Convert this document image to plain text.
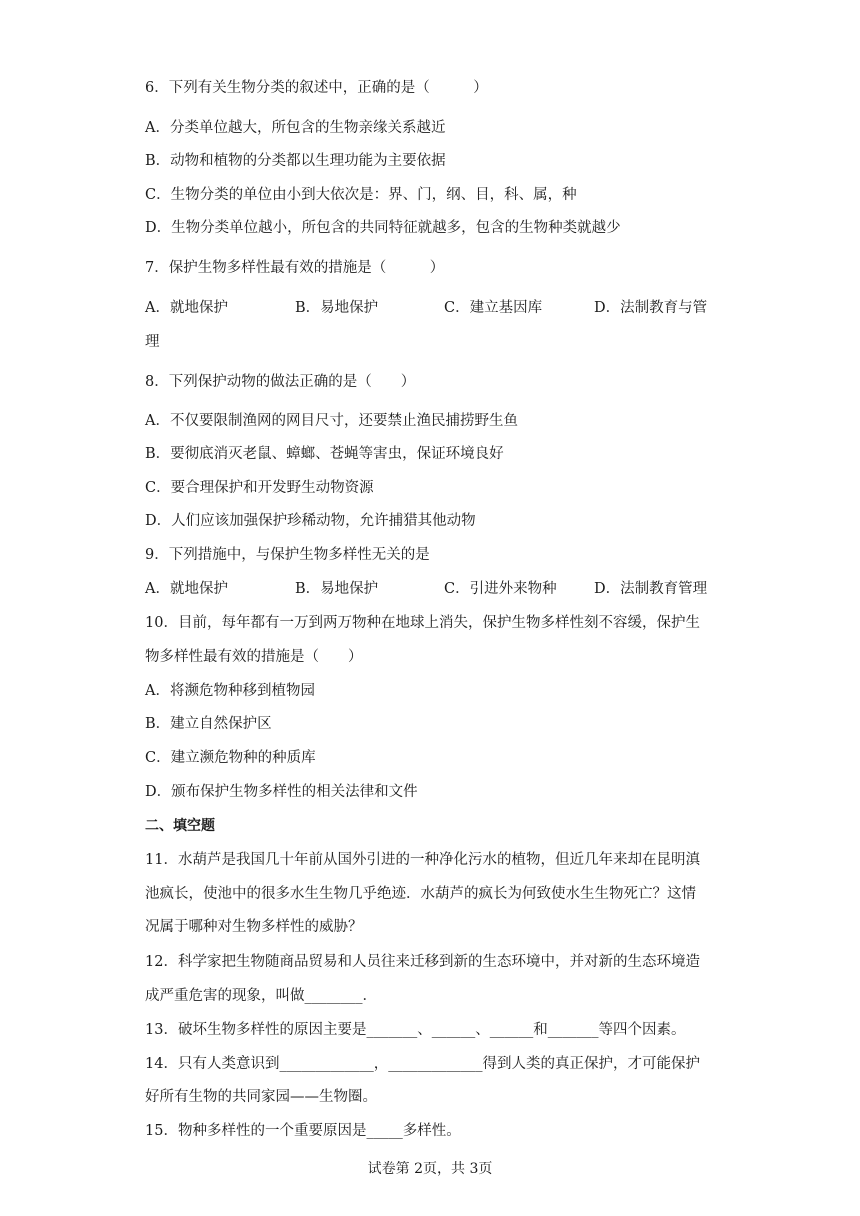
6．下列有关生物分类的叙述中，正确的是（　　　）
A．分类单位越大，所包含的生物亲缘关系越近
B．动物和植物的分类都以生理功能为主要依据
C．生物分类的单位由小到大依次是：界、门，纲、目，科、属，种
D．生物分类单位越小，所包含的共同特征就越多，包含的生物种类就越少
7．保护生物多样性最有效的措施是（　　　）
A．就地保护	B．易地保护	C．建立基因库	D．法制教育与管
理
8．下列保护动物的做法正确的是（　　）
A．不仅要限制渔网的网目尺寸，还要禁止渔民捕捞野生鱼
B．要彻底消灭老鼠、蟑螂、苍蝇等害虫，保证环境良好
C．要合理保护和开发野生动物资源
D．人们应该加强保护珍稀动物，允许捕猎其他动物
9．下列措施中，与保护生物多样性无关的是
A．就地保护	B．易地保护	C．引进外来物种	D．法制教育管理
10．目前，每年都有一万到两万物种在地球上消失，保护生物多样性刻不容缓，保护生
物多样性最有效的措施是（　　）
A．将濒危物种移到植物园
B．建立自然保护区
C．建立濒危物种的种质库
D．颁布保护生物多样性的相关法律和文件
二、填空题
11．水葫芦是我国几十年前从国外引进的一种净化污水的植物，但近几年来却在昆明滇
池疯长，使池中的很多水生生物几乎绝迹．水葫芦的疯长为何致使水生生物死亡？这情
况属于哪种对生物多样性的威胁？
12．科学家把生物随商品贸易和人员往来迁移到新的生态环境中，并对新的生态环境造
成严重危害的现象，叫做________．
13．破坏生物多样性的原因主要是_______、______、______和_______等四个因素。
14．只有人类意识到_____________，_____________得到人类的真正保护，才可能保护
好所有生物的共同家园——生物圈。
15．物种多样性的一个重要原因是_____多样性。
试卷第 2页，共 3页
